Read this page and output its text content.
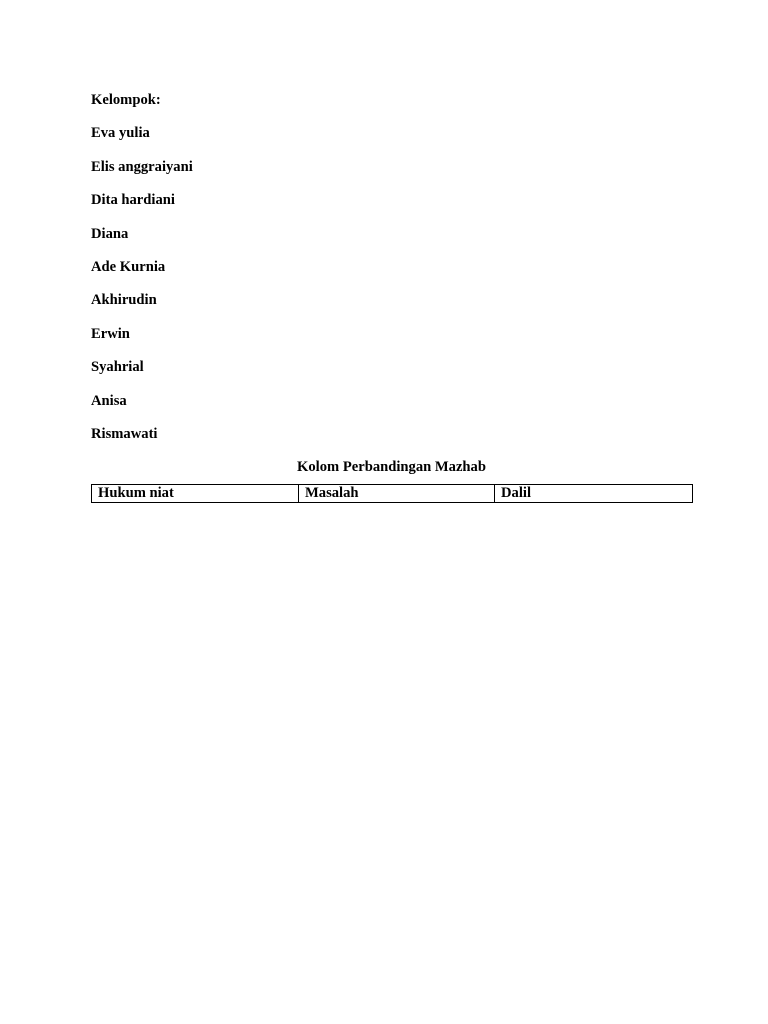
Kelompok:
Eva yulia
Elis anggraiyani
Dita hardiani
Diana
Ade Kurnia
Akhirudin
Erwin
Syahrial
Anisa
Rismawati
Kolom Perbandingan Mazhab
Hukum niat	Masalah	Dalil
